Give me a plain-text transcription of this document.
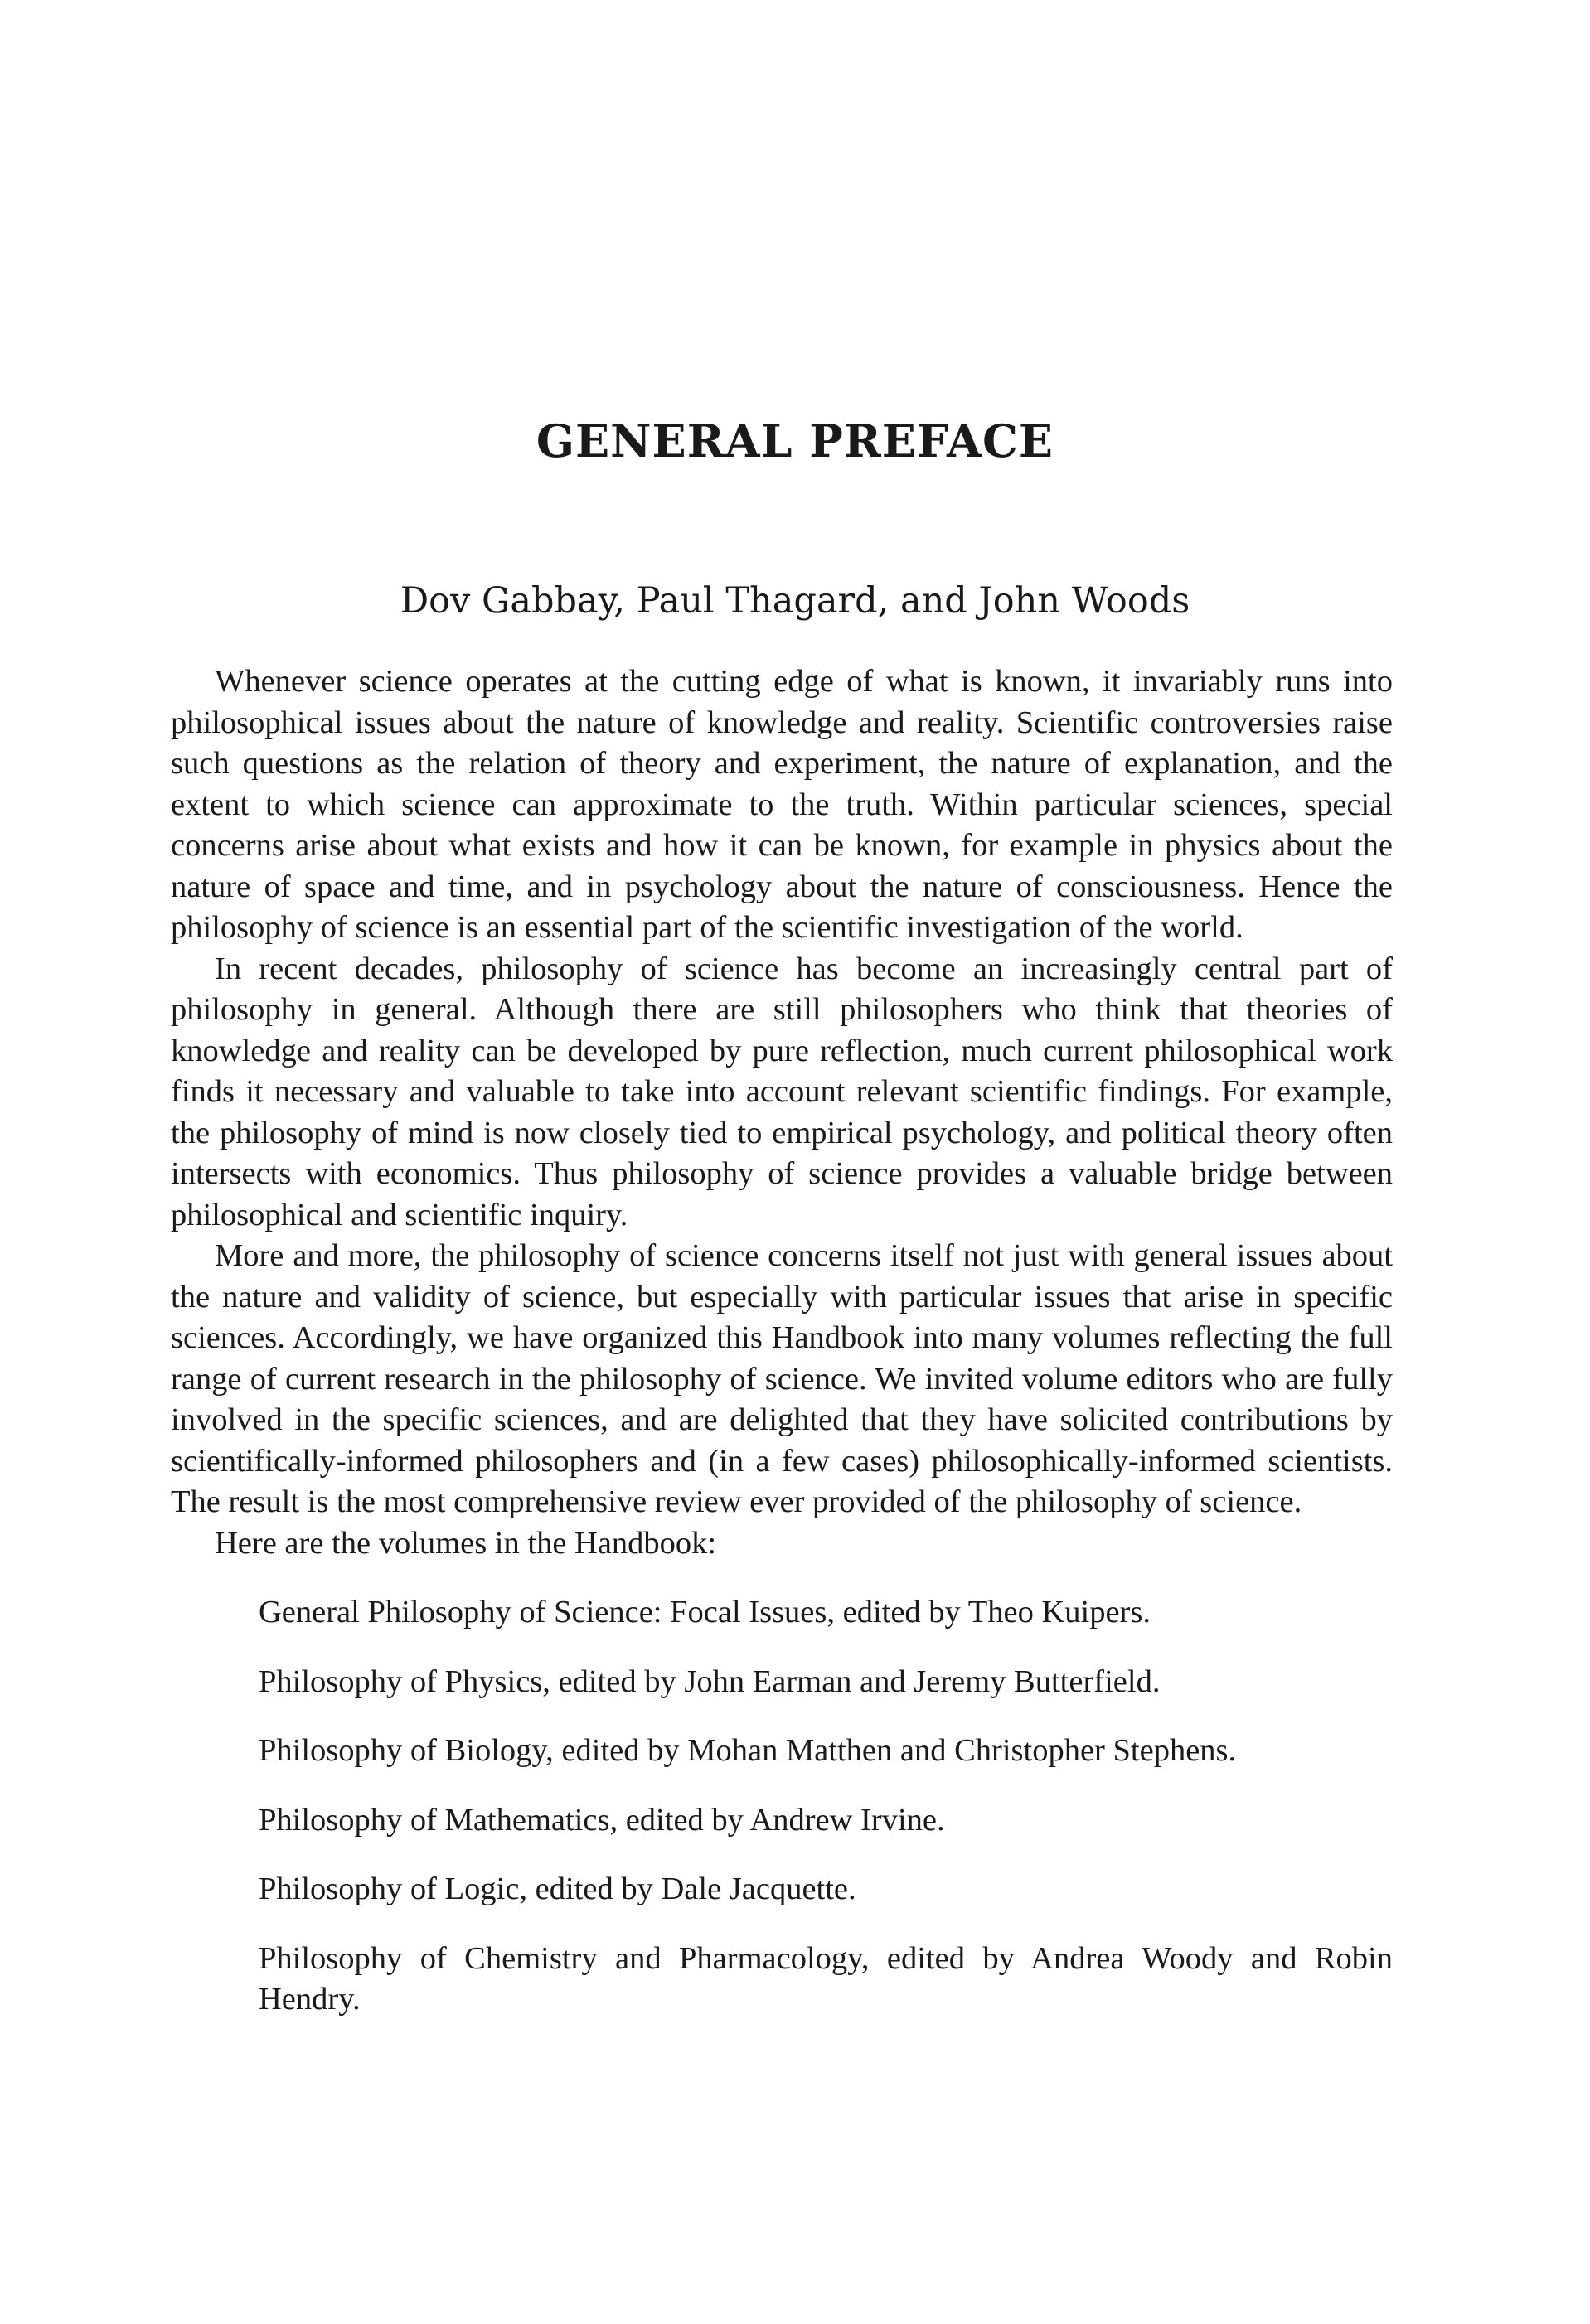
GENERAL PREFACE
Dov Gabbay, Paul Thagard, and John Woods

Whenever science operates at the cutting edge of what is known, it invariably runs into philosophical issues about the nature of knowledge and reality. Scientific controversies raise such questions as the relation of theory and experiment, the nature of explanation, and the extent to which science can approximate to the truth. Within particular sciences, special concerns arise about what exists and how it can be known, for example in physics about the nature of space and time, and in psychology about the nature of consciousness. Hence the philosophy of science is an essential part of the scientific investigation of the world.

In recent decades, philosophy of science has become an increasingly central part of philosophy in general. Although there are still philosophers who think that theories of knowledge and reality can be developed by pure reflection, much current philosophical work finds it necessary and valuable to take into account relevant scientific findings. For example, the philosophy of mind is now closely tied to empirical psychology, and political theory often intersects with economics. Thus philosophy of science provides a valuable bridge between philosophical and scientific inquiry.

More and more, the philosophy of science concerns itself not just with general issues about the nature and validity of science, but especially with particular issues that arise in specific sciences. Accordingly, we have organized this Handbook into many volumes reflecting the full range of current research in the philosophy of science. We invited volume editors who are fully involved in the specific sciences, and are delighted that they have solicited contributions by scientifically-informed philosophers and (in a few cases) philosophically-informed scientists. The result is the most comprehensive review ever provided of the philosophy of science.

Here are the volumes in the Handbook:

General Philosophy of Science: Focal Issues, edited by Theo Kuipers.
Philosophy of Physics, edited by John Earman and Jeremy Butterfield.
Philosophy of Biology, edited by Mohan Matthen and Christopher Stephens.
Philosophy of Mathematics, edited by Andrew Irvine.
Philosophy of Logic, edited by Dale Jacquette.
Philosophy of Chemistry and Pharmacology, edited by Andrea Woody and Robin Hendry.
